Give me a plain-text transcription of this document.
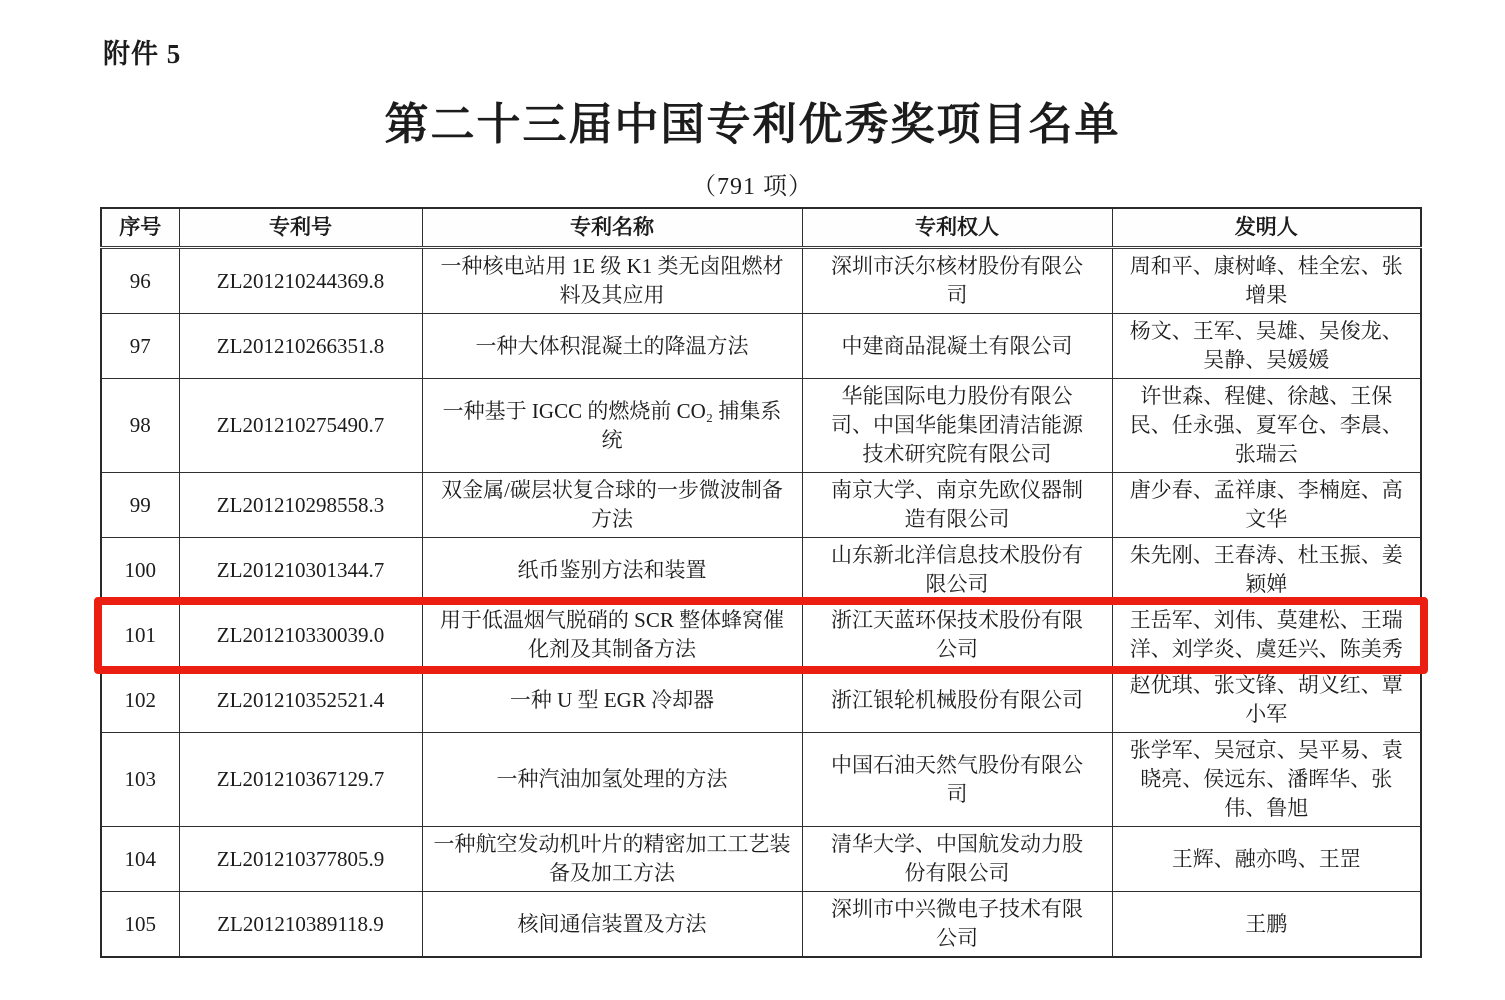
附件 5
第二十三届中国专利优秀奖项目名单
（791 项）
序号	专利号	专利名称	专利权人	发明人
96	ZL201210244369.8	一种核电站用 1E 级 K1 类无卤阻燃材料及其应用	深圳市沃尔核材股份有限公司	周和平、康树峰、桂全宏、张增果
97	ZL201210266351.8	一种大体积混凝土的降温方法	中建商品混凝土有限公司	杨文、王军、吴雄、吴俊龙、吴静、吴媛媛
98	ZL201210275490.7	一种基于 IGCC 的燃烧前 CO₂ 捕集系统	华能国际电力股份有限公司、中国华能集团清洁能源技术研究院有限公司	许世森、程健、徐越、王保民、任永强、夏军仓、李晨、张瑞云
99	ZL201210298558.3	双金属/碳层状复合球的一步微波制备方法	南京大学、南京先欧仪器制造有限公司	唐少春、孟祥康、李楠庭、高文华
100	ZL201210301344.7	纸币鉴别方法和装置	山东新北洋信息技术股份有限公司	朱先刚、王春涛、杜玉振、姜颖婵
101	ZL201210330039.0	用于低温烟气脱硝的 SCR 整体蜂窝催化剂及其制备方法	浙江天蓝环保技术股份有限公司	王岳军、刘伟、莫建松、王瑞洋、刘学炎、虞廷兴、陈美秀
102	ZL201210352521.4	一种 U 型 EGR 冷却器	浙江银轮机械股份有限公司	赵优琪、张文锋、胡义红、覃小军
103	ZL201210367129.7	一种汽油加氢处理的方法	中国石油天然气股份有限公司	张学军、吴冠京、吴平易、袁晓亮、侯远东、潘晖华、张伟、鲁旭
104	ZL201210377805.9	一种航空发动机叶片的精密加工工艺装备及加工方法	清华大学、中国航发动力股份有限公司	王辉、融亦鸣、王罡
105	ZL201210389118.9	核间通信装置及方法	深圳市中兴微电子技术有限公司	王鹏
